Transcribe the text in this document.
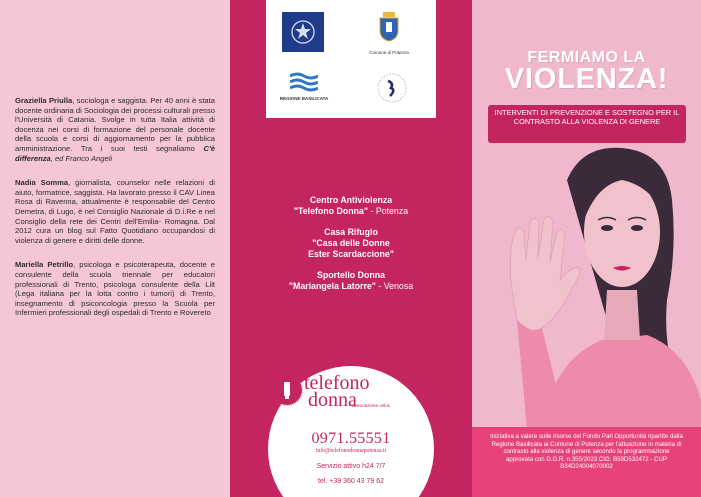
Graziella Priulla, sociologa e saggista. Per 40 anni è stata docente ordinaria di Sociologia dei processi culturali presso l'Università di Catania. Svolge in tutta Italia attività di docenza nei corsi di formazione del personale docente della scuola e corsi di aggiornamento per la pubblica amministrazione. Tra i suoi testi segnaliamo C'è differenza, ed Franco Angeli

Nadia Somma, giornalista, counselor nelle relazioni di aiuto, formatrice, saggista. Ha lavorato presso il CAV Linea Rosa di Ravenna, attualmente è responsabile del Centro Demetra, di Lugo, è nel Consiglio Nazionale di D.i.Re e nel Consiglio della rete dei Centri dell'Emilia- Romagna. Dal 2012 cura un blog sul Fatto Quotidiano occupandosi di violenza di genere e diritti delle donne.

Mariella Petrillo, psicologa e psicoterapeuta, docente e consulente della scuola triennale per educatori professionali di Trento, psicologa consulente della Lilt (Lega italiana per la lotta contro i tumori) di Trento, insegnamento di psiconcologia presso la Scuola per Infermieri professionali degli ospedali di Trento e Rovereto

Comune di Potenza
REGIONE BASILICATA
Centro Antiviolenza
"Telefono Donna" - Potenza
Casa Rifugio
"Casa delle Donne
Ester Scardaccione"
Sportello Donna
"Mariangela Latorre" - Venosa
telefono
donna
associazione onlus
0971.55551
info@telefonodonnapotenza.it
Servizio attivo h24 7/7
tel. +39 360 43 79 62
FERMIAMO LA
VIOLENZA!
INTERVENTI DI PREVENZIONE E SOSTEGNO PER IL CONTRASTO ALLA VIOLENZA DI GENERE
Iniziativa a valere sulle risorse del Fondo Pari Opportunità ripartite dalla Regione Basilicata ai Comune di Potenza per l'attuazione in materia di contrasto alla violenza di genere secondo la programmazione approvata con D.G.R. n.355/2023 CIG: B59D532472 - CUP B34D24004070002
